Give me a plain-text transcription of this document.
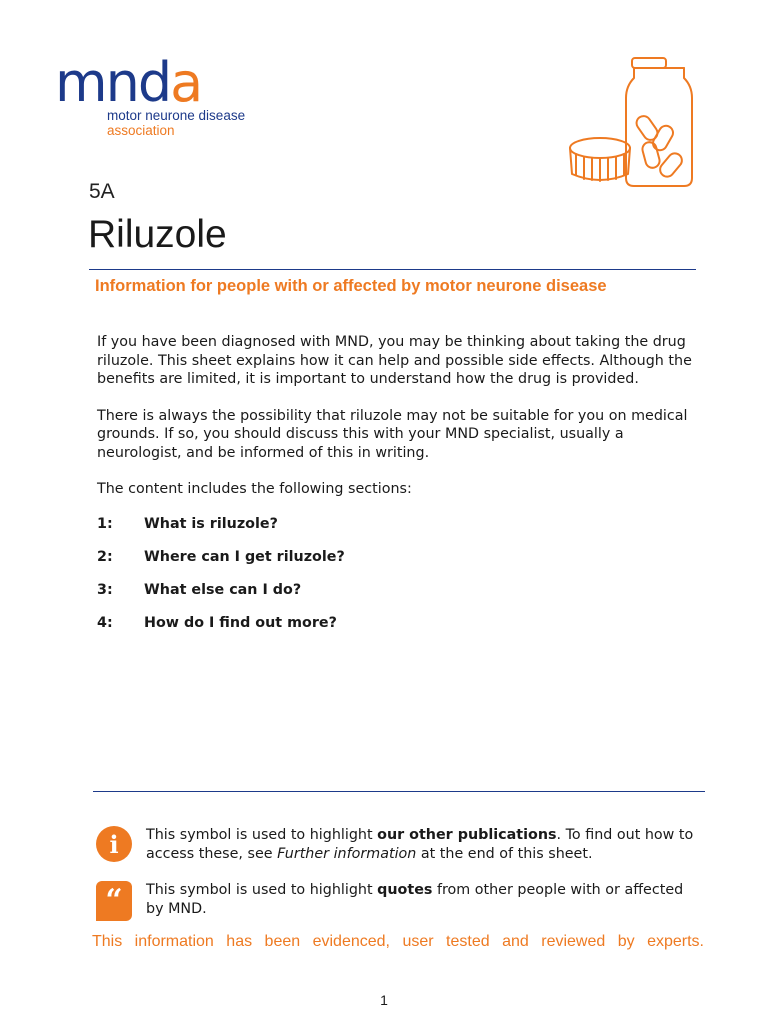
mnda
motor neurone disease
association
5A
Riluzole
Information for people with or affected by motor neurone disease

If you have been diagnosed with MND, you may be thinking about taking the drug riluzole. This sheet explains how it can help and possible side effects. Although the benefits are limited, it is important to understand how the drug is provided.

There is always the possibility that riluzole may not be suitable for you on medical grounds. If so, you should discuss this with your MND specialist, usually a neurologist, and be informed of this in writing.

The content includes the following sections:

1:	What is riluzole?
2:	Where can I get riluzole?
3:	What else can I do?
4:	How do I find out more?
i	This symbol is used to highlight our other publications. To find out how to access these, see Further information at the end of this sheet.
“	This symbol is used to highlight quotes from other people with or affected by MND.
This information has been evidenced, user tested and reviewed by experts.
1
